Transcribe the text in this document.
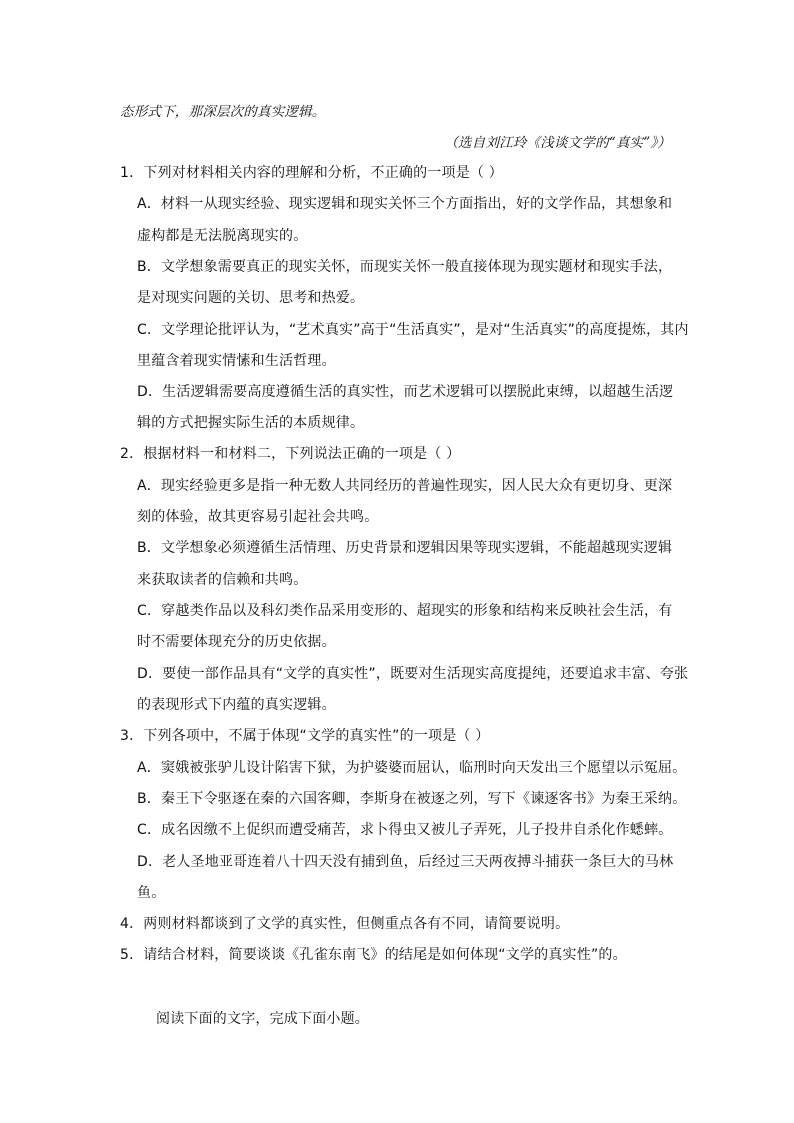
态形式下，那深层次的真实逻辑。
（选自刘江玲《浅谈文学的“真实”》）
1．下列对材料相关内容的理解和分析，不正确的一项是（ ）
A．材料一从现实经验、现实逻辑和现实关怀三个方面指出，好的文学作品，其想象和
虚构都是无法脱离现实的。
B．文学想象需要真正的现实关怀，而现实关怀一般直接体现为现实题材和现实手法，
是对现实问题的关切、思考和热爱。
C．文学理论批评认为，“艺术真实”高于“生活真实”，是对“生活真实”的高度提炼，其内
里蕴含着现实情愫和生活哲理。
D．生活逻辑需要高度遵循生活的真实性，而艺术逻辑可以摆脱此束缚，以超越生活逻
辑的方式把握实际生活的本质规律。
2．根据材料一和材料二，下列说法正确的一项是（ ）
A．现实经验更多是指一种无数人共同经历的普遍性现实，因人民大众有更切身、更深
刻的体验，故其更容易引起社会共鸣。
B．文学想象必须遵循生活情理、历史背景和逻辑因果等现实逻辑，不能超越现实逻辑
来获取读者的信赖和共鸣。
C．穿越类作品以及科幻类作品采用变形的、超现实的形象和结构来反映社会生活，有
时不需要体现充分的历史依据。
D．要使一部作品具有“文学的真实性”，既要对生活现实高度提纯，还要追求丰富、夸张
的表现形式下内蕴的真实逻辑。
3．下列各项中，不属于体现“文学的真实性”的一项是（ ）
A．窦娥被张驴儿设计陷害下狱，为护婆婆而屈认，临刑时向天发出三个愿望以示冤屈。
B．秦王下令驱逐在秦的六国客卿，李斯身在被逐之列，写下《谏逐客书》为秦王采纳。
C．成名因缴不上促织而遭受痛苦，求卜得虫又被儿子弄死，儿子投井自杀化作蟋蟀。
D．老人圣地亚哥连着八十四天没有捕到鱼，后经过三天两夜搏斗捕获一条巨大的马林
鱼。
4．两则材料都谈到了文学的真实性，但侧重点各有不同，请简要说明。
5．请结合材料，简要谈谈《孔雀东南飞》的结尾是如何体现“文学的真实性”的。
阅读下面的文字，完成下面小题。
